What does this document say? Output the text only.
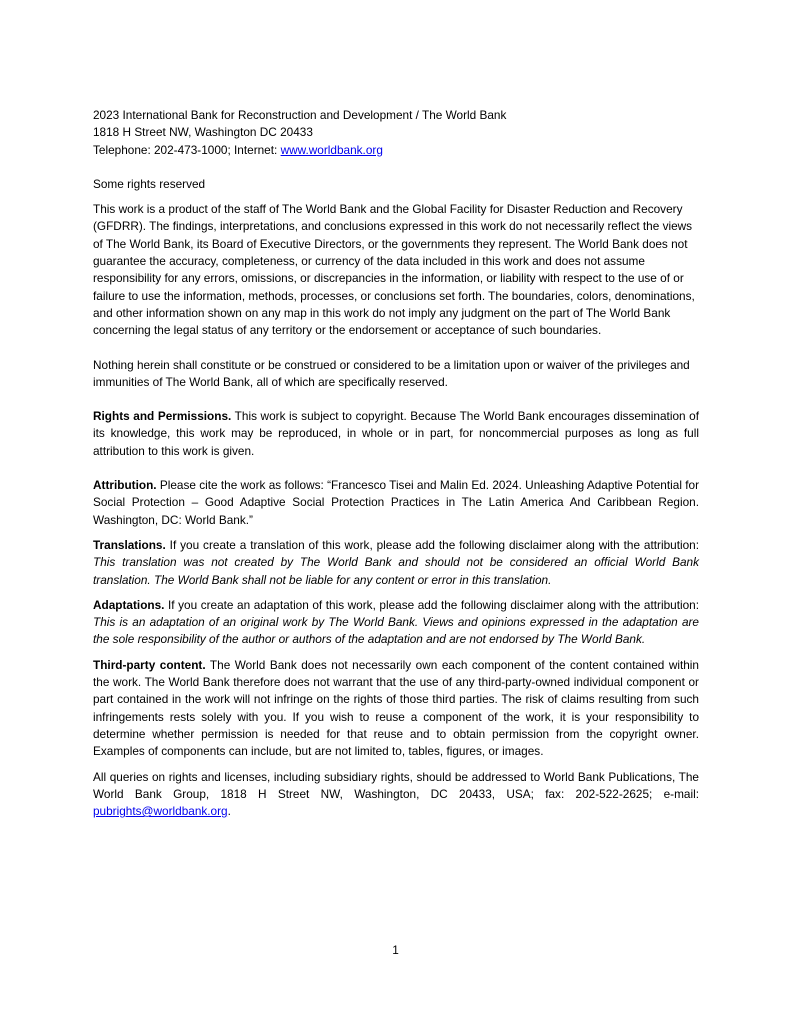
2023 International Bank for Reconstruction and Development / The World Bank

1818 H Street NW, Washington DC 20433

Telephone: 202-473-1000; Internet: www.worldbank.org

Some rights reserved

This work is a product of the staff of The World Bank and the Global Facility for Disaster Reduction and Recovery (GFDRR). The findings, interpretations, and conclusions expressed in this work do not necessarily reflect the views of The World Bank, its Board of Executive Directors, or the governments they represent. The World Bank does not guarantee the accuracy, completeness, or currency of the data included in this work and does not assume responsibility for any errors, omissions, or discrepancies in the information, or liability with respect to the use of or failure to use the information, methods, processes, or conclusions set forth. The boundaries, colors, denominations, and other information shown on any map in this work do not imply any judgment on the part of The World Bank concerning the legal status of any territory or the endorsement or acceptance of such boundaries.

Nothing herein shall constitute or be construed or considered to be a limitation upon or waiver of the privileges and immunities of The World Bank, all of which are specifically reserved.

Rights and Permissions. This work is subject to copyright. Because The World Bank encourages dissemination of its knowledge, this work may be reproduced, in whole or in part, for noncommercial purposes as long as full attribution to this work is given.

Attribution. Please cite the work as follows: “Francesco Tisei and Malin Ed. 2024. Unleashing Adaptive Potential for Social Protection – Good Adaptive Social Protection Practices in The Latin America And Caribbean Region. Washington, DC: World Bank.”

Translations. If you create a translation of this work, please add the following disclaimer along with the attribution: This translation was not created by The World Bank and should not be considered an official World Bank translation. The World Bank shall not be liable for any content or error in this translation.

Adaptations. If you create an adaptation of this work, please add the following disclaimer along with the attribution: This is an adaptation of an original work by The World Bank. Views and opinions expressed in the adaptation are the sole responsibility of the author or authors of the adaptation and are not endorsed by The World Bank.

Third-party content. The World Bank does not necessarily own each component of the content contained within the work. The World Bank therefore does not warrant that the use of any third-party-owned individual component or part contained in the work will not infringe on the rights of those third parties. The risk of claims resulting from such infringements rests solely with you. If you wish to reuse a component of the work, it is your responsibility to determine whether permission is needed for that reuse and to obtain permission from the copyright owner. Examples of components can include, but are not limited to, tables, figures, or images.

All queries on rights and licenses, including subsidiary rights, should be addressed to World Bank Publications, The World Bank Group, 1818 H Street NW, Washington, DC 20433, USA; fax: 202-522-2625; e-mail: pubrights@worldbank.org.

1
